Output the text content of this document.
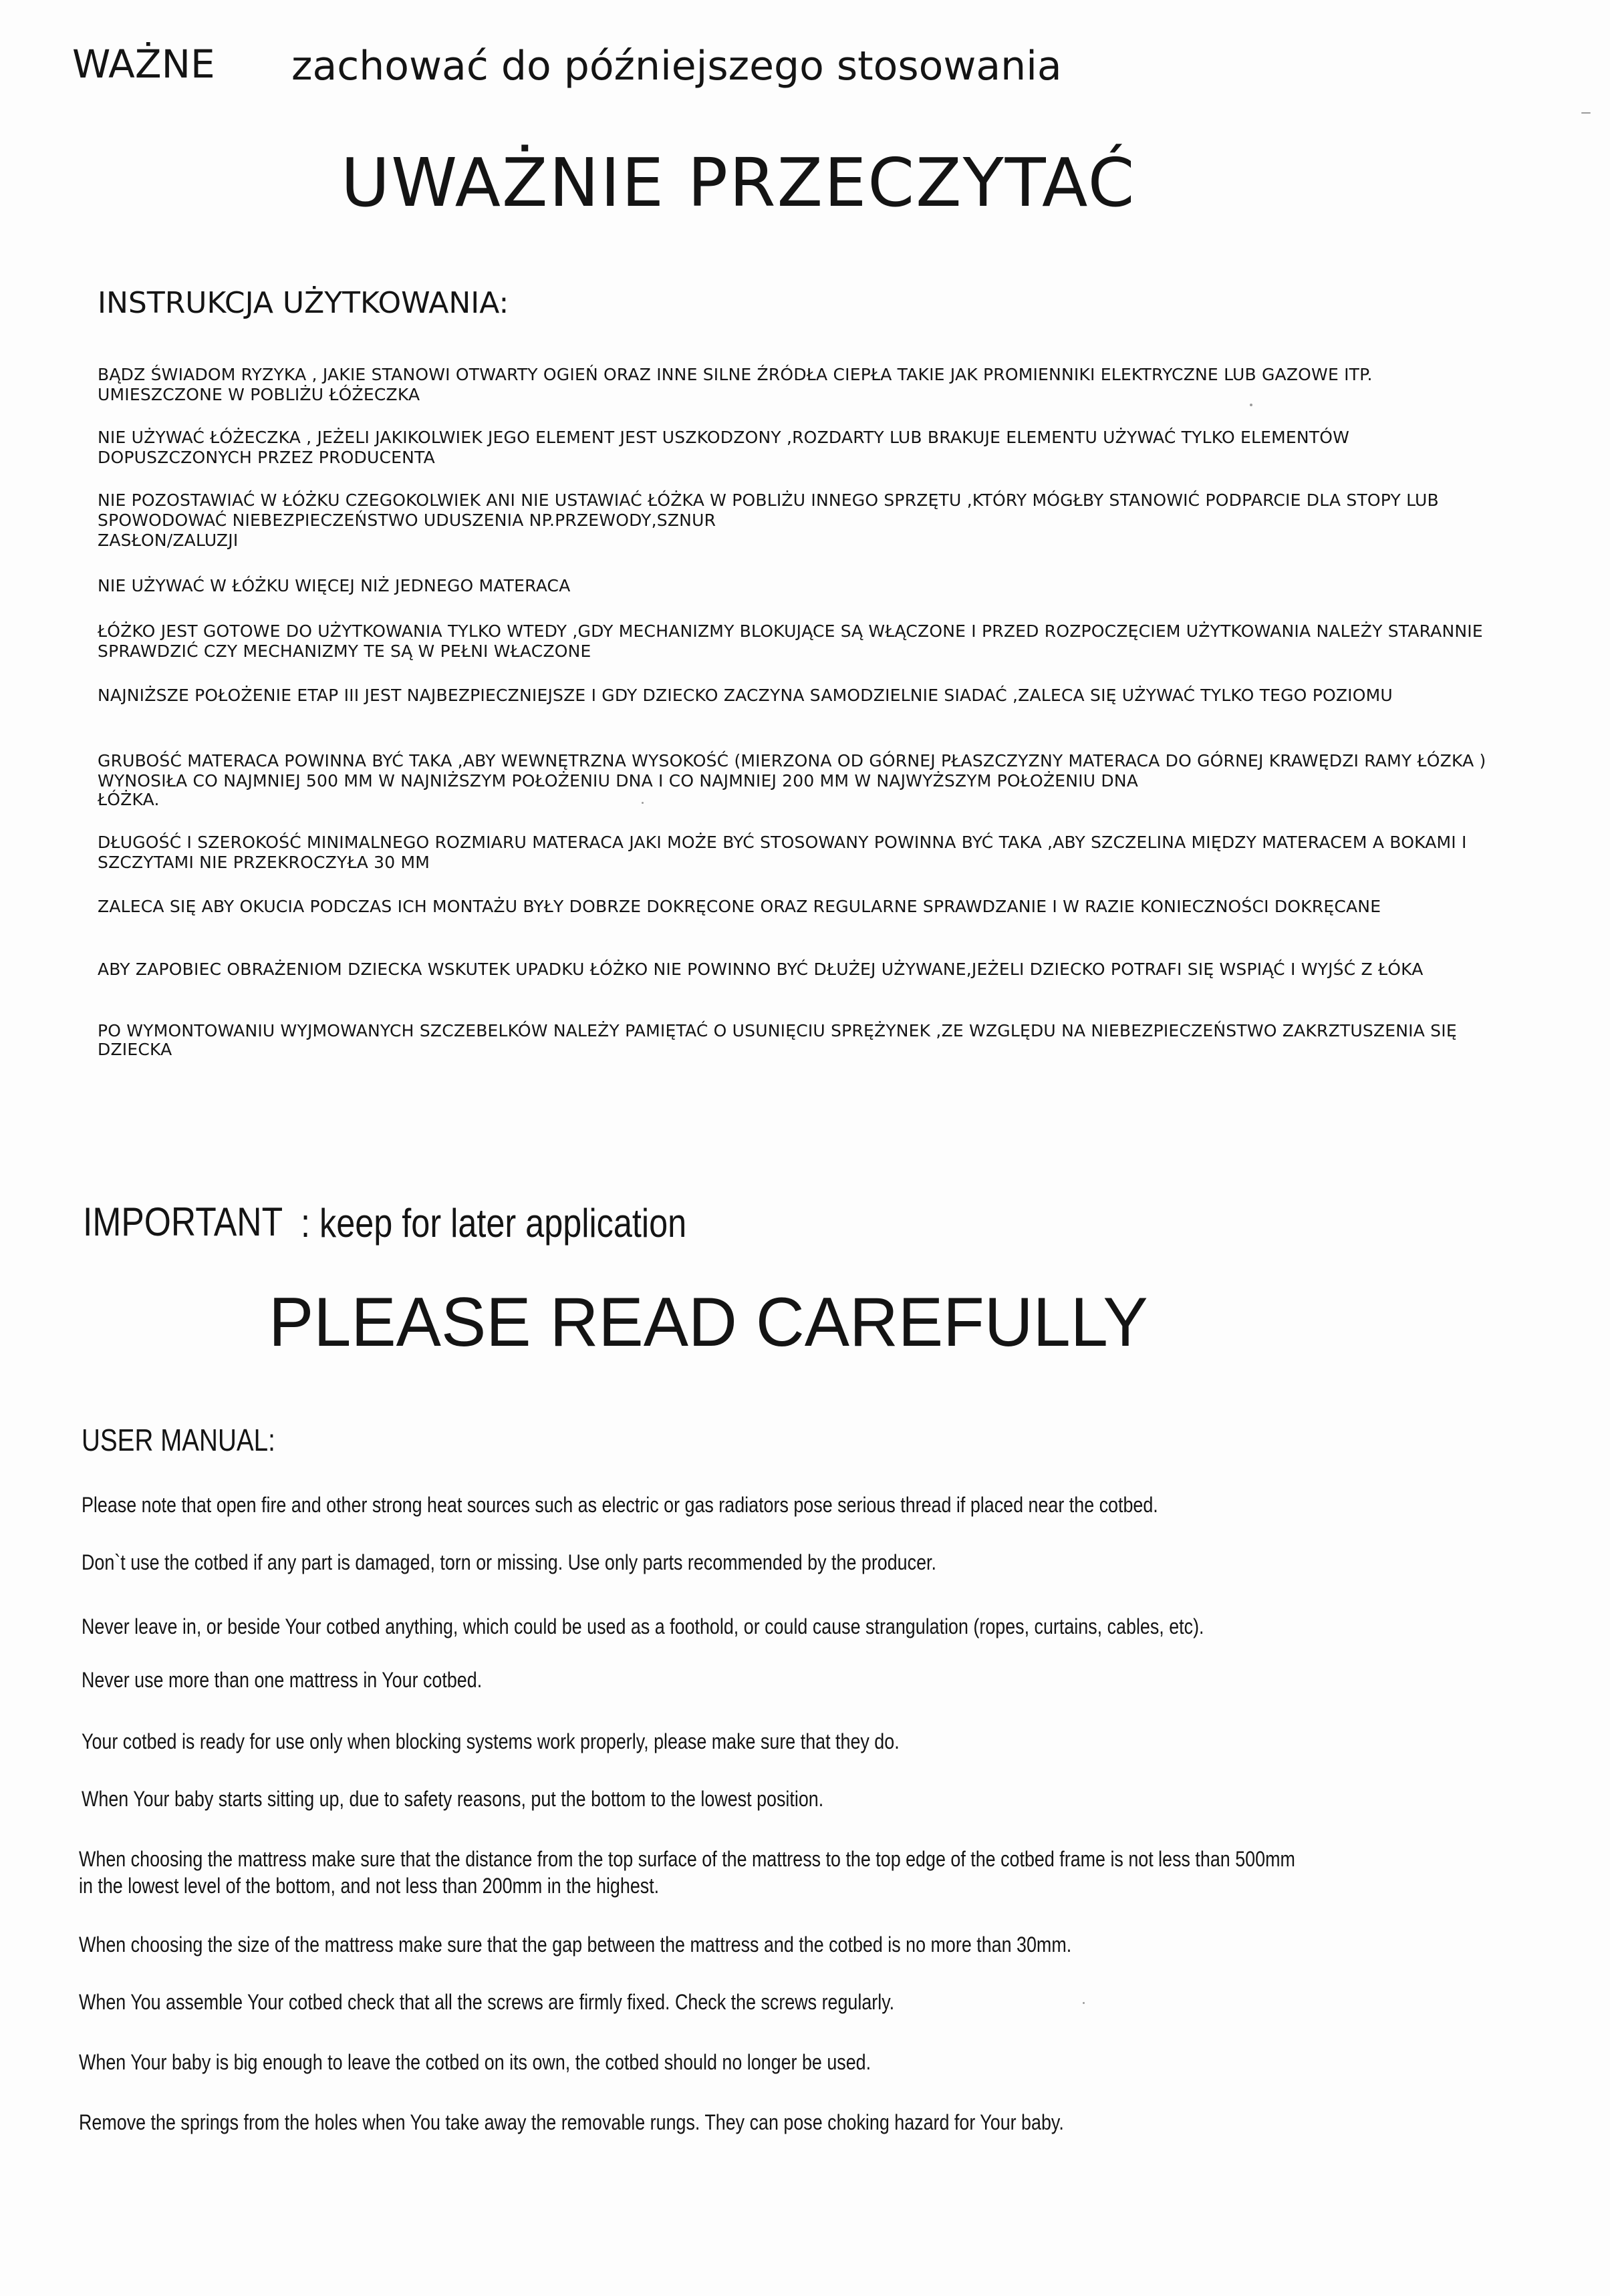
WAŻNE zachować do późniejszego stosowania
UWAŻNIE PRZECZYTAĆ
INSTRUKCJA UŻYTKOWANIA:
BĄDZ ŚWIADOM RYZYKA , JAKIE STANOWI OTWARTY OGIEŃ ORAZ INNE SILNE ŹRÓDŁA CIEPŁA TAKIE JAK PROMIENNIKI ELEKTRYCZNE LUB GAZOWE ITP.
UMIESZCZONE W POBLIŻU ŁÓŻECZKA
NIE UŻYWAĆ ŁÓŻECZKA , JEŻELI JAKIKOLWIEK JEGO ELEMENT JEST USZKODZONY ,ROZDARTY LUB BRAKUJE ELEMENTU UŻYWAĆ TYLKO ELEMENTÓW
DOPUSZCZONYCH PRZEZ PRODUCENTA
NIE POZOSTAWIAĆ W ŁÓŻKU CZEGOKOLWIEK ANI NIE USTAWIAĆ ŁÓŻKA W POBLIŻU INNEGO SPRZĘTU ,KTÓRY MÓGŁBY STANOWIĆ PODPARCIE DLA STOPY LUB
SPOWODOWAĆ NIEBEZPIECZEŃSTWO UDUSZENIA NP.PRZEWODY,SZNUR
ZASŁON/ZALUZJI
NIE UŻYWAĆ W ŁÓŻKU WIĘCEJ NIŻ JEDNEGO MATERACA
ŁÓŻKO JEST GOTOWE DO UŻYTKOWANIA TYLKO WTEDY ,GDY MECHANIZMY BLOKUJĄCE SĄ WŁĄCZONE I PRZED ROZPOCZĘCIEM UŻYTKOWANIA NALEŻY STARANNIE
SPRAWDZIĆ CZY MECHANIZMY TE SĄ W PEŁNI WŁACZONE
NAJNIŻSZE POŁOŻENIE ETAP III JEST NAJBEZPIECZNIEJSZE I GDY DZIECKO ZACZYNA SAMODZIELNIE SIADAĆ ,ZALECA SIĘ UŻYWAĆ TYLKO TEGO POZIOMU
GRUBOŚĆ MATERACA POWINNA BYĆ TAKA ,ABY WEWNĘTRZNA WYSOKOŚĆ (MIERZONA OD GÓRNEJ PŁASZCZYZNY MATERACA DO GÓRNEJ KRAWĘDZI RAMY ŁÓZKA )
WYNOSIŁA CO NAJMNIEJ 500 MM W NAJNIŻSZYM POŁOŻENIU DNA I CO NAJMNIEJ 200 MM W NAJWYŻSZYM POŁOŻENIU DNA
ŁÓŻKA.
DŁUGOŚĆ I SZEROKOŚĆ MINIMALNEGO ROZMIARU MATERACA JAKI MOŻE BYĆ STOSOWANY POWINNA BYĆ TAKA ,ABY SZCZELINA MIĘDZY MATERACEM A BOKAMI I
SZCZYTAMI NIE PRZEKROCZYŁA 30 MM
ZALECA SIĘ ABY OKUCIA PODCZAS ICH MONTAŻU BYŁY DOBRZE DOKRĘCONE ORAZ REGULARNE SPRAWDZANIE I W RAZIE KONIECZNOŚCI DOKRĘCANE
ABY ZAPOBIEC OBRAŻENIOM DZIECKA WSKUTEK UPADKU ŁÓŻKO NIE POWINNO BYĆ DŁUŻEJ UŻYWANE,JEŻELI DZIECKO POTRAFI SIĘ WSPIĄĆ I WYJŚĆ Z ŁÓKA
PO WYMONTOWANIU WYJMOWANYCH SZCZEBELKÓW NALEŻY PAMIĘTAĆ O USUNIĘCIU SPRĘŻYNEK ,ZE WZGLĘDU NA NIEBEZPIECZEŃSTWO ZAKRZTUSZENIA SIĘ
DZIECKA
IMPORTANT : keep for later application
PLEASE READ CAREFULLY
USER MANUAL:
Please note that open fire and other strong heat sources such as electric or gas radiators pose serious thread if placed near the cotbed.
Don`t use the cotbed if any part is damaged, torn or missing. Use only parts recommended by the producer.
Never leave in, or beside Your cotbed anything, which could be used as a foothold, or could cause strangulation (ropes, curtains, cables, etc).
Never use more than one mattress in Your cotbed.
Your cotbed is ready for use only when blocking systems work properly, please make sure that they do.
When Your baby starts sitting up, due to safety reasons, put the bottom to the lowest position.
When choosing the mattress make sure that the distance from the top surface of the mattress to the top edge of the cotbed frame is not less than 500mm
in the lowest level of the bottom, and not less than 200mm in the highest.
When choosing the size of the mattress make sure that the gap between the mattress and the cotbed is no more than 30mm.
When You assemble Your cotbed check that all the screws are firmly fixed. Check the screws regularly.
When Your baby is big enough to leave the cotbed on its own, the cotbed should no longer be used.
Remove the springs from the holes when You take away the removable rungs. They can pose choking hazard for Your baby.
